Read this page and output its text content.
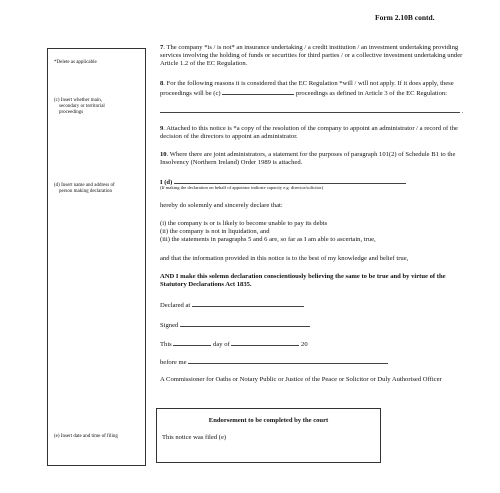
Form 2.10B contd.
*Delete as applicable
(c) Insert whether main,
secondary or territorial
proceedings
(d) Insert name and address of
person making declaration
(e) Insert date and time of filing
7. The company *is / is not* an insurance undertaking / a credit institution / an investment undertaking providing services involving the holding of funds or securities for third parties / or a collective investment undertaking under Article 1.2 of the EC Regulation.
8. For the following reasons it is considered that the EC Regulation *will / will not apply. If it does apply, these proceedings will be (c)	proceedings as defined in Article 3 of the EC Regulation:
.
9. Attached to this notice is *a copy of the resolution of the company to appoint an administrator / a record of the decision of the directors to appoint an administrator.
10. Where there are joint administrators, a statement for the purposes of paragraph 101(2) of Schedule B1 to the Insolvency (Northern Ireland) Order 1989 is attached.
I (d)
(If making the declaration on behalf of appointor indicate capacity e.g. director/solicitor)
hereby do solemnly and sincerely declare that:
(i) the company is or is likely to become unable to pay its debts
(ii) the company is not in liquidation, and
(iii) the statements in paragraphs 5 and 6 are, so far as I am able to ascertain, true,
and that the information provided in this notice is to the best of my knowledge and belief true,
AND I make this solemn declaration conscientiously believing the same to be true and by virtue of the Statutory Declarations Act 1835.
Declared at
Signed
This	day of	20
before me
A Commissioner for Oaths or Notary Public or Justice of the Peace or Solicitor or Duly Authorised Officer
Endorsement to be completed by the court
This notice was filed (e)
